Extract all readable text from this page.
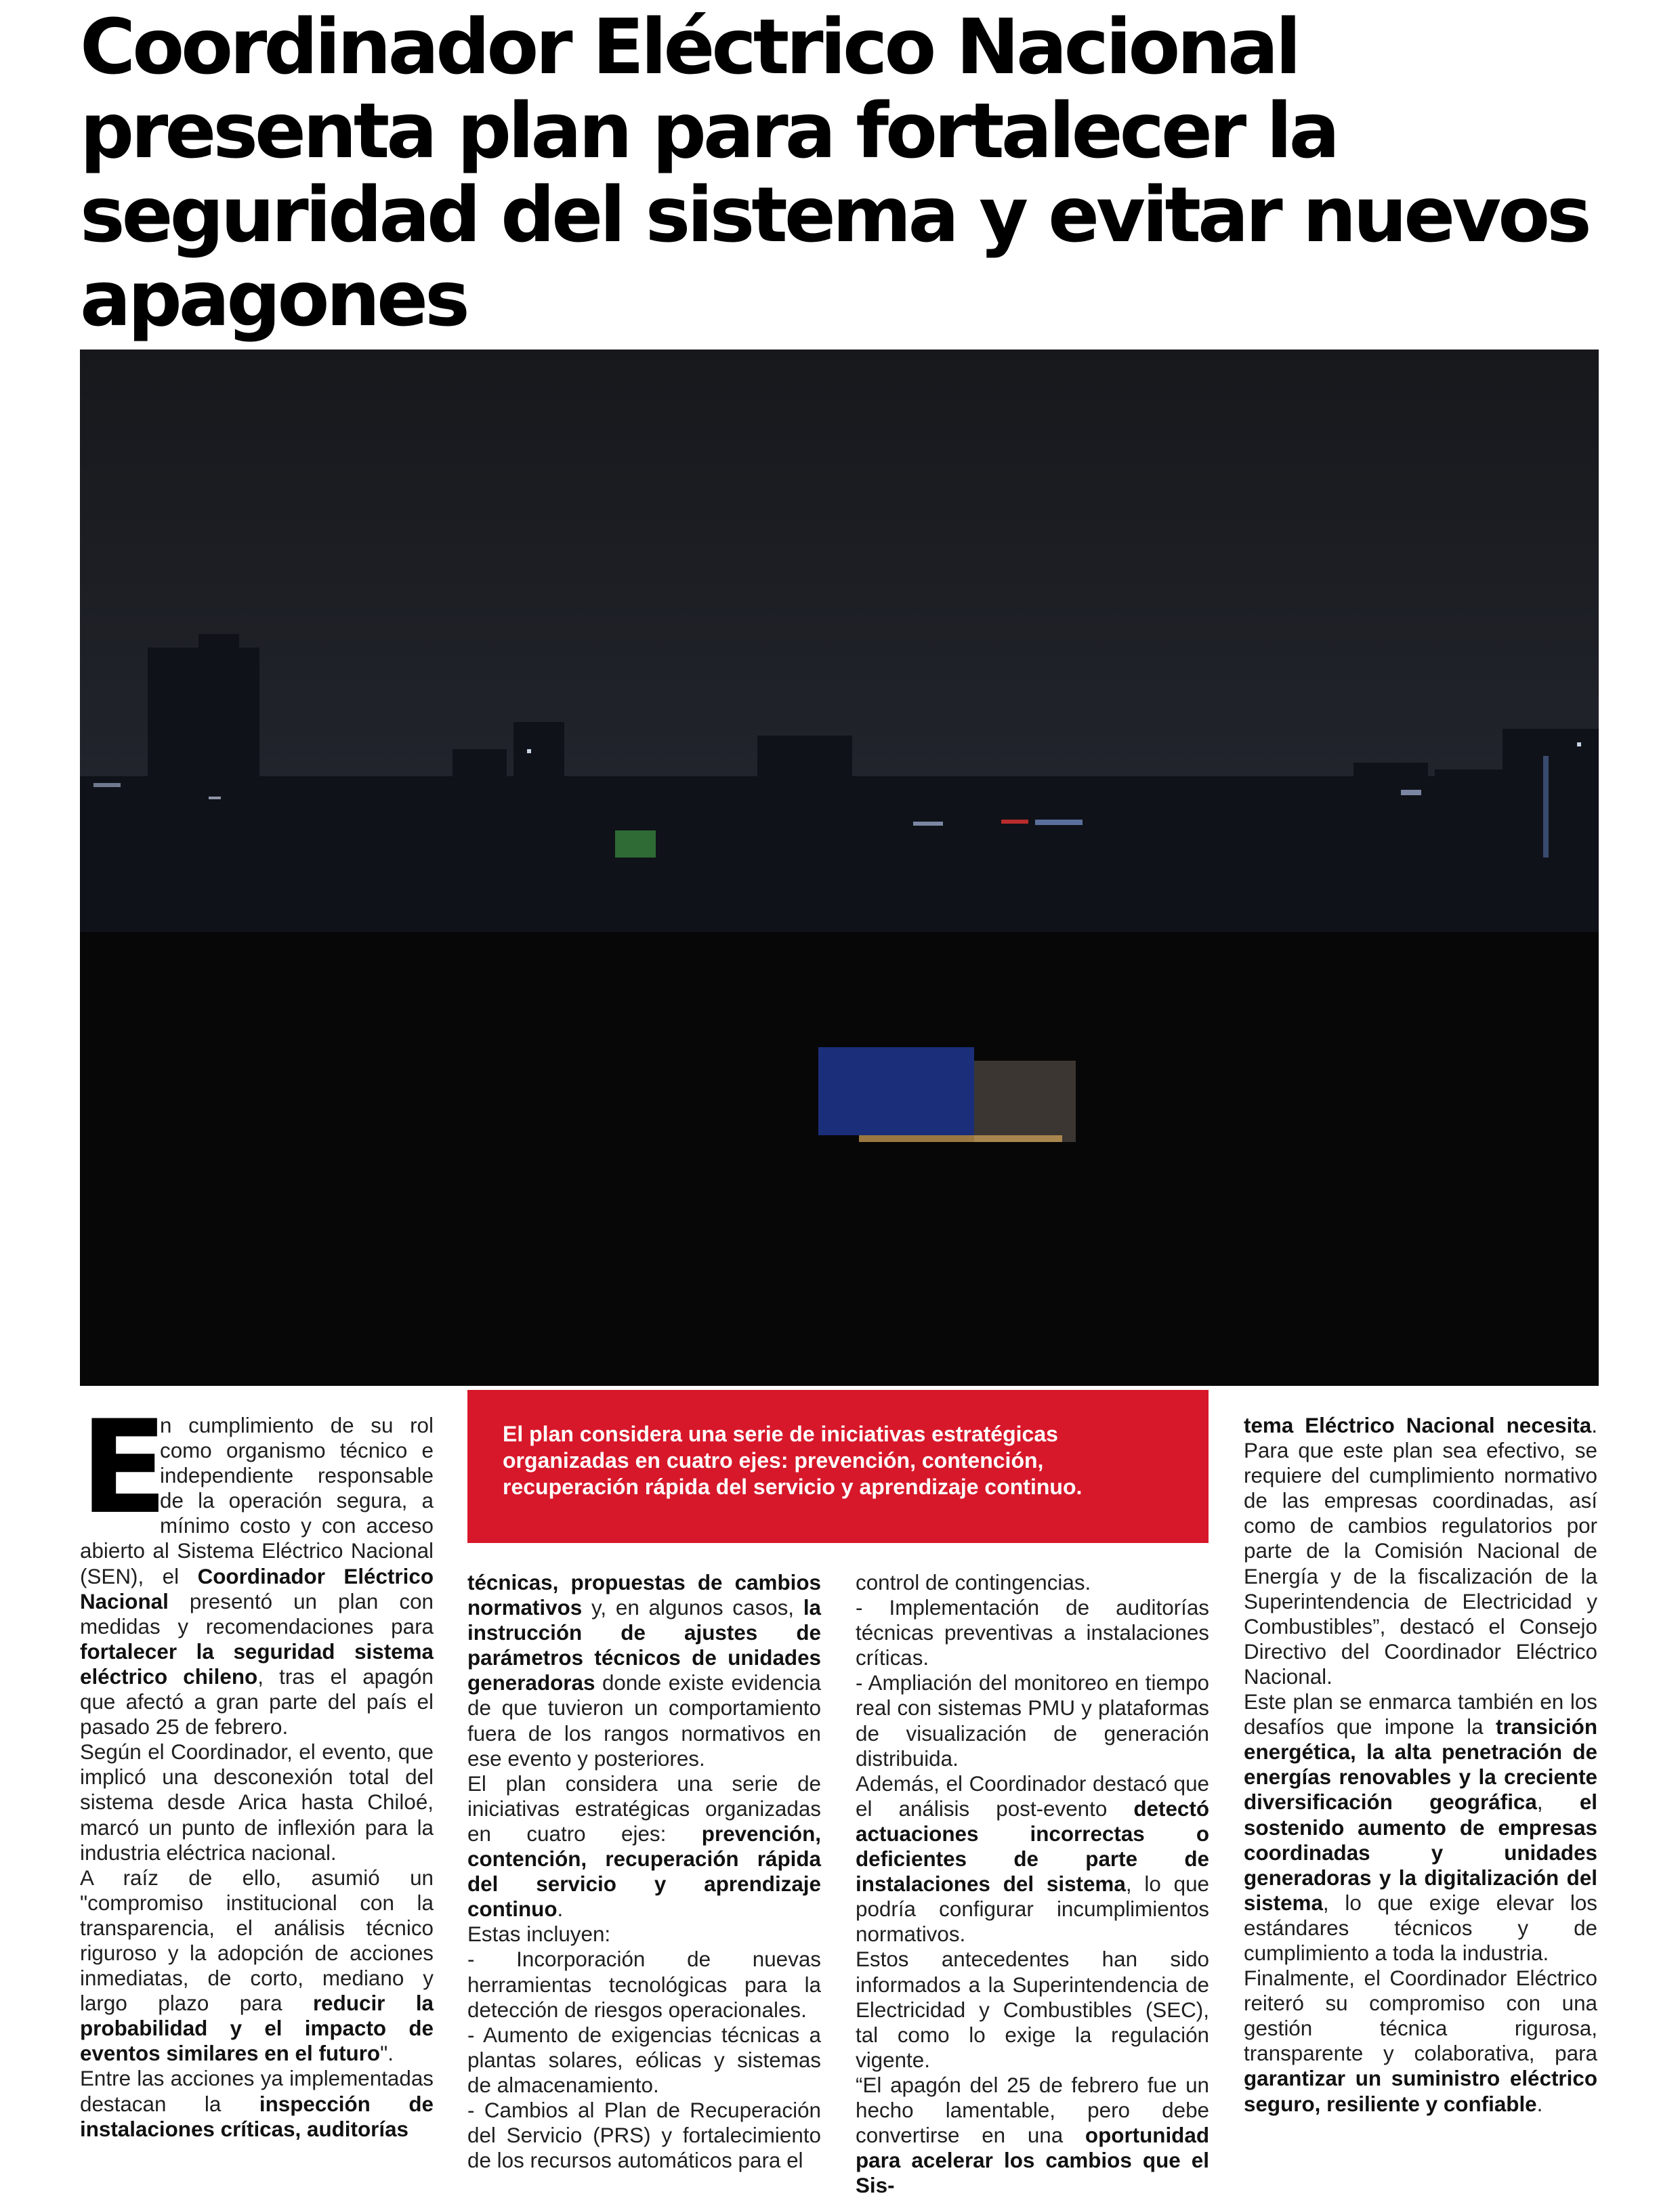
Coordinador Eléctrico Nacional presenta plan para fortalecer la seguridad del sistema y evitar nuevos apagones
E

n cumplimiento de su rol como organismo técnico e independiente responsable de la operación segura, a mínimo costo y con acceso abierto al Sistema Eléctrico Nacional (SEN), el Coordinador Eléctrico Nacional presentó un plan con medidas y recomendaciones para fortalecer la seguridad sistema eléctrico chileno, tras el apagón que afectó a gran parte del país el pasado 25 de febrero.

Según el Coordinador, el evento, que implicó una desconexión total del sistema desde Arica hasta Chiloé, marcó un punto de inflexión para la industria eléctrica nacional.

A raíz de ello, asumió un "compromiso institucional con la transparencia, el análisis técnico riguroso y la adopción de acciones inmediatas, de corto, mediano y largo plazo para reducir la probabilidad y el impacto de eventos similares en el futuro".

Entre las acciones ya implementadas destacan la inspección de instalaciones críticas, auditorías

El plan considera una serie de iniciativas estratégicas organizadas en cuatro ejes: prevención, contención, recuperación rápida del servicio y aprendizaje continuo.

técnicas, propuestas de cambios normativos y, en algunos casos, la instrucción de ajustes de parámetros técnicos de unidades generadoras donde existe evidencia de que tuvieron un comportamiento fuera de los rangos normativos en ese evento y posteriores.

El plan considera una serie de iniciativas estratégicas organizadas en cuatro ejes: prevención, contención, recuperación rápida del servicio y aprendizaje continuo.

Estas incluyen:

- Incorporación de nuevas herramientas tecnológicas para la detección de riesgos operacionales.

- Aumento de exigencias técnicas a plantas solares, eólicas y sistemas de almacenamiento.

- Cambios al Plan de Recuperación del Servicio (PRS) y fortalecimiento de los recursos automáticos para el

control de contingencias.

- Implementación de auditorías técnicas preventivas a instalaciones críticas.

- Ampliación del monitoreo en tiempo real con sistemas PMU y plataformas de visualización de generación distribuida.

Además, el Coordinador destacó que el análisis post-evento detectó actuaciones incorrectas o deficientes de parte de instalaciones del sistema, lo que podría configurar incumplimientos normativos.

Estos antecedentes han sido informados a la Superintendencia de Electricidad y Combustibles (SEC), tal como lo exige la regulación vigente.

“El apagón del 25 de febrero fue un hecho lamentable, pero debe convertirse en una oportunidad para acelerar los cambios que el Sis-

tema Eléctrico Nacional necesita. Para que este plan sea efectivo, se requiere del cumplimiento normativo de las empresas coordinadas, así como de cambios regulatorios por parte de la Comisión Nacional de Energía y de la fiscalización de la Superintendencia de Electricidad y Combustibles”, destacó el Consejo Directivo del Coordinador Eléctrico Nacional.

Este plan se enmarca también en los desafíos que impone la transición energética, la alta penetración de energías renovables y la creciente diversificación geográfica, el sostenido aumento de empresas coordinadas y unidades generadoras y la digitalización del sistema, lo que exige elevar los estándares técnicos y de cumplimiento a toda la industria.

Finalmente, el Coordinador Eléctrico reiteró su compromiso con una gestión técnica rigurosa, transparente y colaborativa, para garantizar un suministro eléctrico seguro, resiliente y confiable.
